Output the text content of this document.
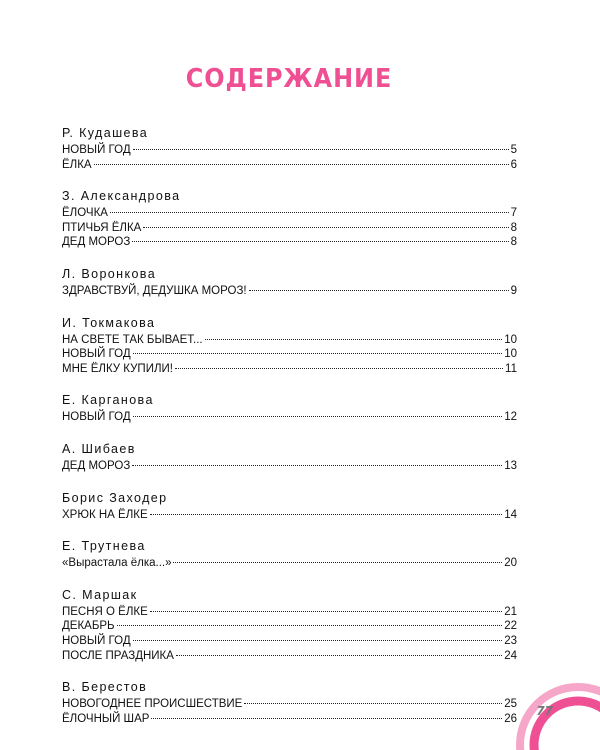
СОДЕРЖАНИЕ
Р. Кудашева
НОВЫЙ ГОД	5
ЁЛКА	6
З. Александрова
ЁЛОЧКА	7
ПТИЧЬЯ ЁЛКА	8
ДЕД МОРОЗ	8
Л. Воронкова
ЗДРАВСТВУЙ, ДЕДУШКА МОРОЗ!	9
И. Токмакова
НА СВЕТЕ ТАК БЫВАЕТ...	10
НОВЫЙ ГОД	10
МНЕ ЁЛКУ КУПИЛИ!	11
Е. Карганова
НОВЫЙ ГОД	12
А. Шибаев
ДЕД МОРОЗ	13
Борис Заходер
ХРЮК НА ЁЛКЕ	14
Е. Трутнева
«Вырастала ёлка...»	20
С. Маршак
ПЕСНЯ О ЁЛКЕ	21
ДЕКАБРЬ	22
НОВЫЙ ГОД	23
ПОСЛЕ ПРАЗДНИКА	24
В. Берестов
НОВОГОДНЕЕ ПРОИСШЕСТВИЕ	25
ЁЛОЧНЫЙ ШАР	26
77
